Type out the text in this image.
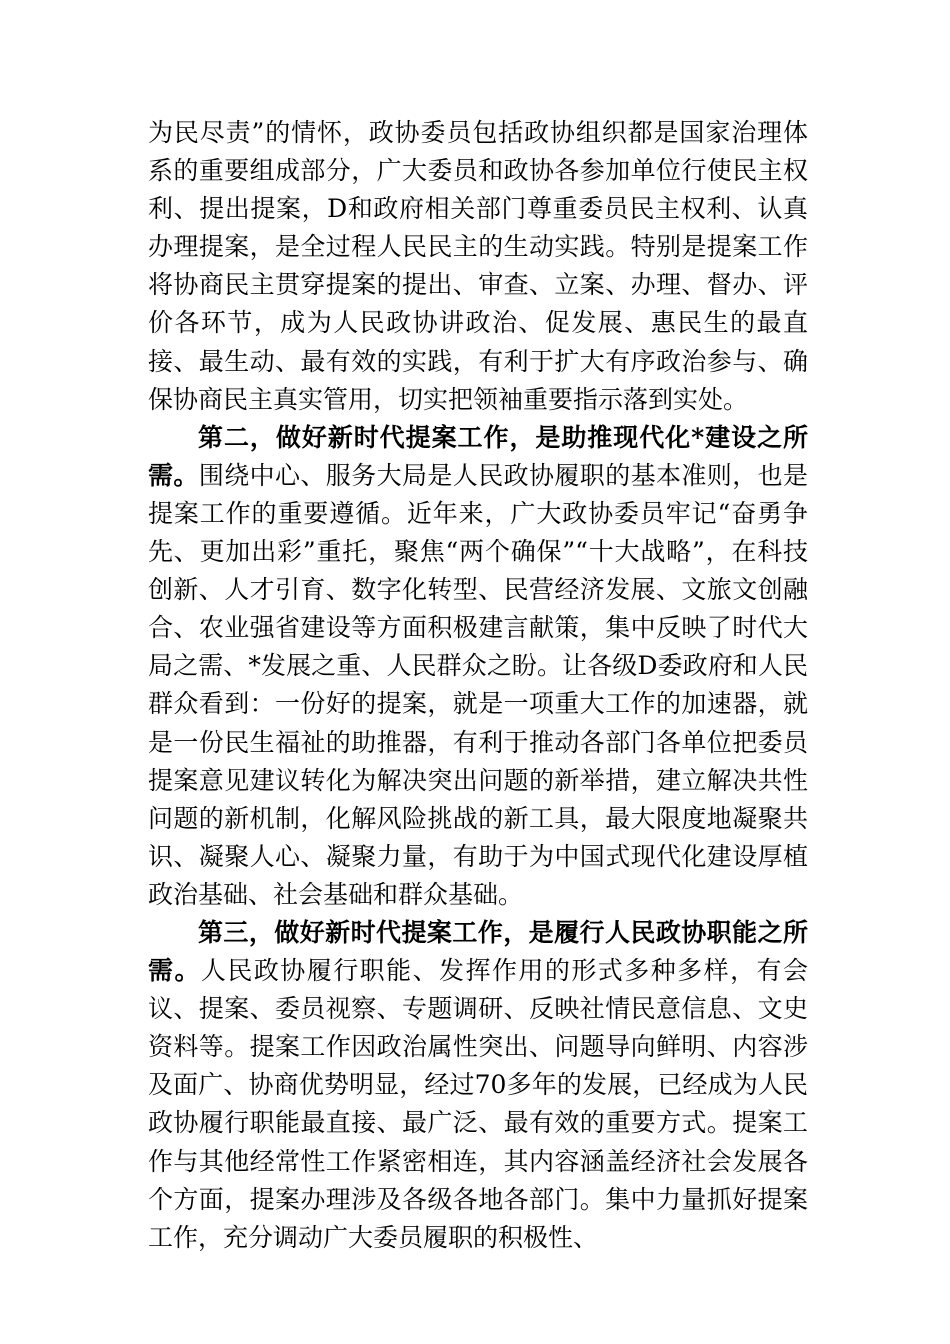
为民尽责”的情怀，政协委员包括政协组织都是国家治理体系的重要组成部分，广大委员和政协各参加单位行使民主权利、提出提案，D和政府相关部门尊重委员民主权利、认真办理提案，是全过程人民民主的生动实践。特别是提案工作将协商民主贯穿提案的提出、审查、立案、办理、督办、评价各环节，成为人民政协讲政治、促发展、惠民生的最直接、最生动、最有效的实践，有利于扩大有序政治参与、确保协商民主真实管用，切实把领袖重要指示落到实处。

第二，做好新时代提案工作，是助推现代化*建设之所需。围绕中心、服务大局是人民政协履职的基本准则，也是提案工作的重要遵循。近年来，广大政协委员牢记“奋勇争先、更加出彩”重托，聚焦“两个确保”“十大战略”，在科技创新、人才引育、数字化转型、民营经济发展、文旅文创融合、农业强省建设等方面积极建言献策，集中反映了时代大局之需、*发展之重、人民群众之盼。让各级D委政府和人民群众看到：一份好的提案，就是一项重大工作的加速器，就是一份民生福祉的助推器，有利于推动各部门各单位把委员提案意见建议转化为解决突出问题的新举措，建立解决共性问题的新机制，化解风险挑战的新工具，最大限度地凝聚共识、凝聚人心、凝聚力量，有助于为中国式现代化建设厚植政治基础、社会基础和群众基础。

第三，做好新时代提案工作，是履行人民政协职能之所需。人民政协履行职能、发挥作用的形式多种多样，有会议、提案、委员视察、专题调研、反映社情民意信息、文史资料等。提案工作因政治属性突出、问题导向鲜明、内容涉及面广、协商优势明显，经过70多年的发展，已经成为人民政协履行职能最直接、最广泛、最有效的重要方式。提案工作与其他经常性工作紧密相连，其内容涵盖经济社会发展各个方面，提案办理涉及各级各地各部门。集中力量抓好提案工作，充分调动广大委员履职的积极性、
